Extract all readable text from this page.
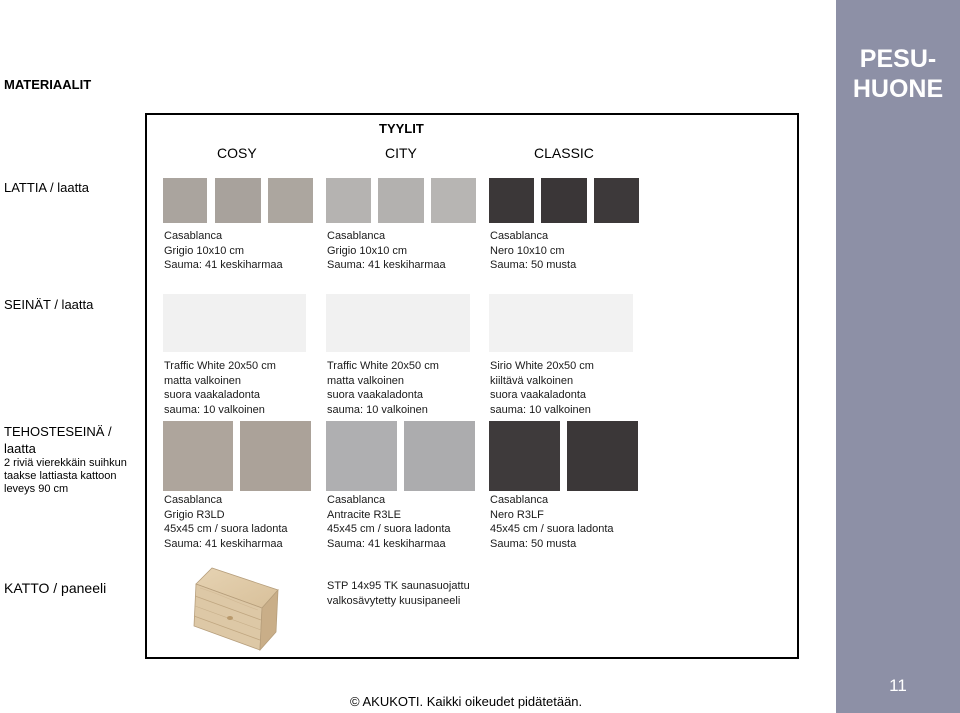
PESU-
HUONE
11
MATERIAALIT
TYYLIT
COSY	CITY	CLASSIC
LATTIA / laatta
SEINÄT / laatta
TEHOSTESEINÄ /
laatta
2 riviä vierekkäin suihkun
taakse lattiasta kattoon
leveys 90 cm
KATTO / paneeli
Casablanca
Grigio 10x10 cm
Sauma: 41 keskiharmaa
Casablanca
Grigio 10x10 cm
Sauma: 41 keskiharmaa
Casablanca
Nero 10x10 cm
Sauma: 50 musta
Traffic White 20x50 cm
matta valkoinen
suora vaakaladonta
sauma: 10 valkoinen
Traffic White 20x50 cm
matta valkoinen
suora vaakaladonta
sauma: 10 valkoinen
Sirio White 20x50 cm
kiiltävä valkoinen
suora vaakaladonta
sauma: 10 valkoinen
Casablanca
Grigio R3LD
45x45 cm / suora ladonta
Sauma: 41 keskiharmaa
Casablanca
Antracite R3LE
45x45 cm / suora ladonta
Sauma: 41 keskiharmaa
Casablanca
Nero R3LF
45x45 cm / suora ladonta
Sauma: 50 musta
STP 14x95 TK saunasuojattu
valkosävytetty kuusipaneeli
© AKUKOTI. Kaikki oikeudet pidätetään.
